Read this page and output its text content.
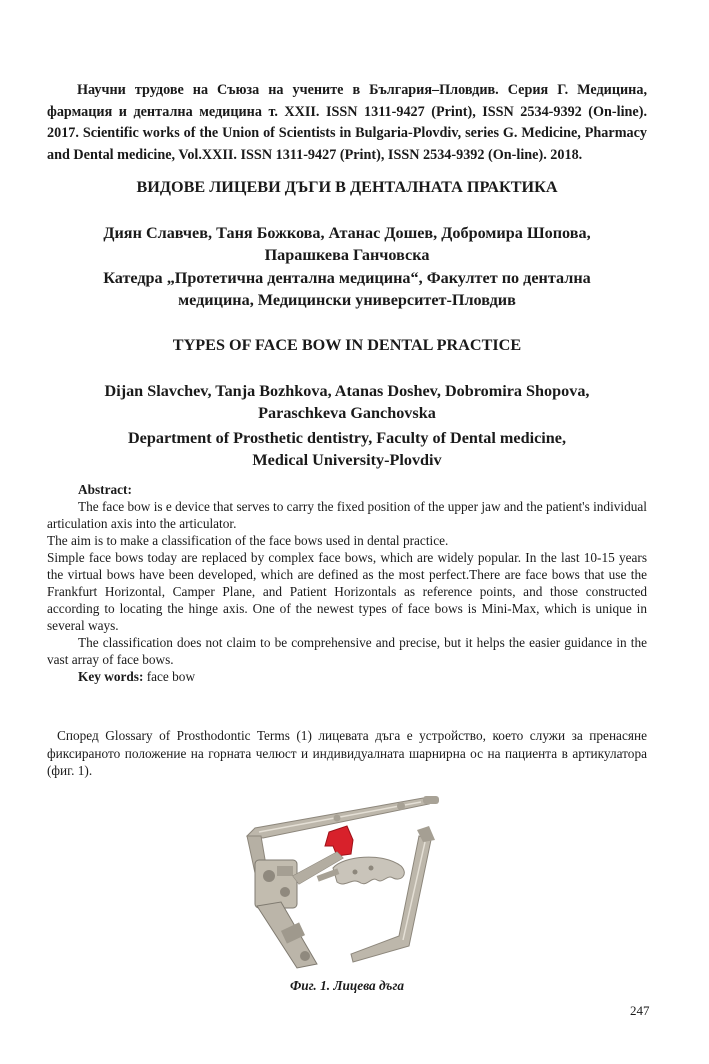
Научни трудове на Съюза на учените в България–Пловдив. Серия Г. Медицина, фармация и дентална медицина т. XXII. ISSN 1311-9427 (Print), ISSN 2534-9392 (On-line). 2017. Scientific works of the Union of Scientists in Bulgaria-Plovdiv, series G. Medicine, Pharmacy and Dental medicine, Vol.XXII. ISSN 1311-9427 (Print), ISSN 2534-9392 (On-line). 2018.

ВИДОВЕ ЛИЦЕВИ ДЪГИ В ДЕНТАЛНАТА ПРАКТИКА
Диян Славчев, Таня Божкова, Атанас Дошев, Добромира Шопова,
Парашкева Ганчовска
Катедра „Протетична дентална медицина“, Факултет по дентална
медицина, Медицински университет-Пловдив
TYPES OF FACE BOW IN DENTAL PRACTICE
Dijan Slavchev, Tanja Bozhkova, Atanas Doshev, Dobromira Shopova,
Paraschkeva Ganchovska
Department of Prosthetic dentistry, Faculty of Dental medicine,
Medical University-Plovdiv

Abstract:

The face bow is e device that serves to carry the fixed position of the upper jaw and the patient's individual articulation axis into the articulator.

The aim is to make a classification of the face bows used in dental practice.

Simple face bows today are replaced by complex face bows, which are widely popular. In the last 10-15 years the virtual bows have been developed, which are defined as the most perfect.There are face bows that use the Frankfurt Horizontal, Camper Plane, and Patient Horizontals as reference points, and those constructed according to locating the hinge axis. One of the newest types of face bows is Mini-Max, which is unique in several ways.

The classification does not claim to be comprehensive and precise, but it helps the easier guidance in the vast array of face bows.

Key words: face bow

Според Glossary of Prosthodontic Terms (1) лицевата дъга е устройство, което служи за пренасяне фиксираното положение на горната челюст и индивидуалната шарнирна ос на пациента в артикулатора (фиг. 1).

Фиг. 1. Лицева дъга
247
